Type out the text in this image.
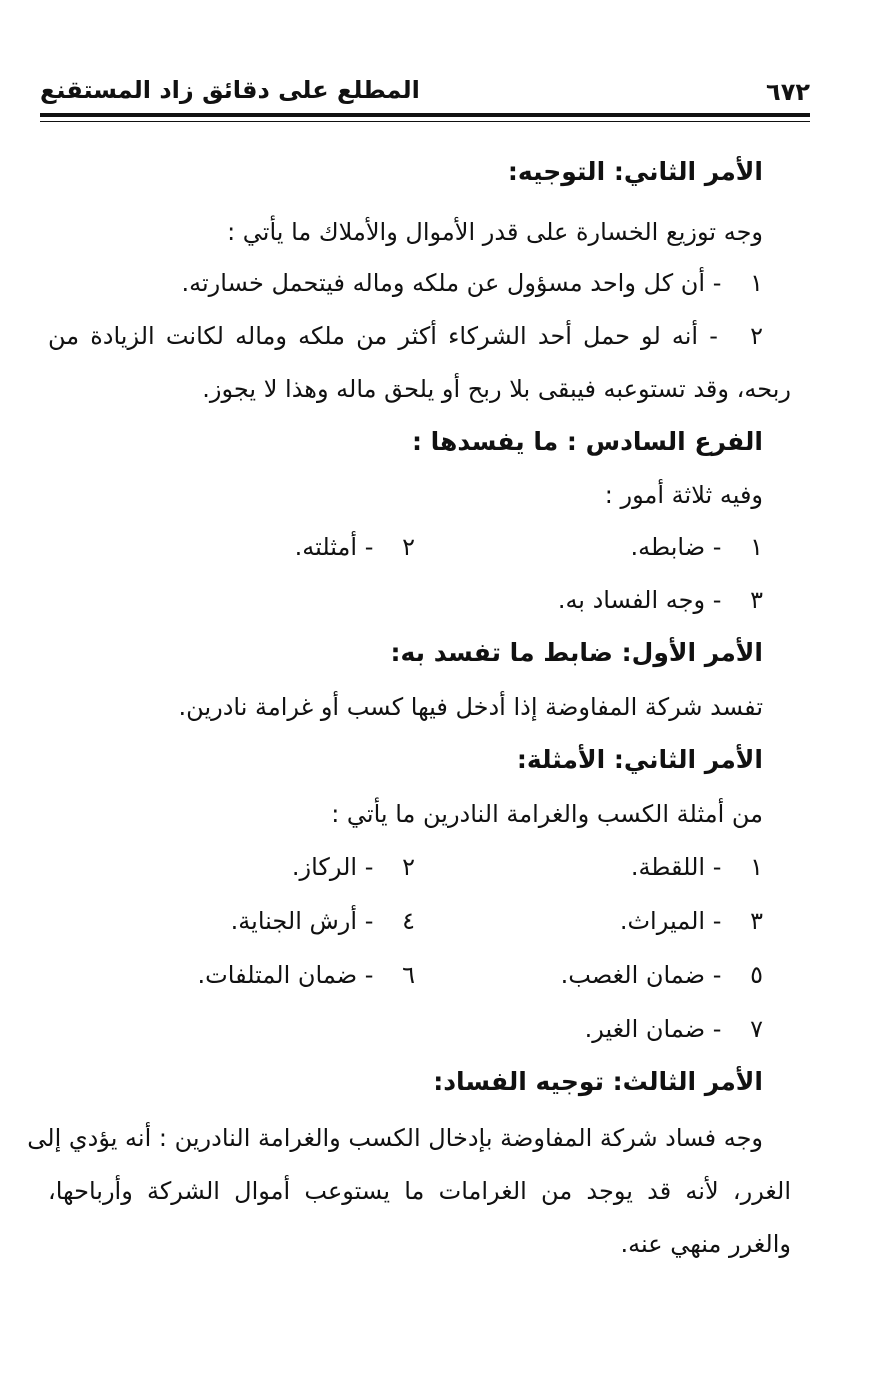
٦٧٢
المطلع على دقائق زاد المستقنع
الأمر الثاني: التوجيه:
وجه توزيع الخسارة على قدر الأموال والأملاك ما يأتي :
١ - أن كل واحد مسؤول عن ملكه وماله فيتحمل خسارته.
٢ - أنه لو حمل أحد الشركاء أكثر من ملكه وماله لكانت الزيادة من
ربحه، وقد تستوعبه فيبقى بلا ربح أو يلحق ماله وهذا لا يجوز.
الفرع السادس : ما يفسدها :
وفيه ثلاثة أمور :
١ - ضابطه.
٢ - أمثلته.
٣ - وجه الفساد به.
الأمر الأول: ضابط ما تفسد به:
تفسد شركة المفاوضة إذا أدخل فيها كسب أو غرامة نادرين.
الأمر الثاني: الأمثلة:
من أمثلة الكسب والغرامة النادرين ما يأتي :
١ - اللقطة.
٢ - الركاز.
٣ - الميراث.
٤ - أرش الجناية.
٥ - ضمان الغصب.
٦ - ضمان المتلفات.
٧ - ضمان الغير.
الأمر الثالث: توجيه الفساد:
وجه فساد شركة المفاوضة بإدخال الكسب والغرامة النادرين : أنه يؤدي إلى
الغرر، لأنه قد يوجد من الغرامات ما يستوعب أموال الشركة وأرباحها،
والغرر منهي عنه.
